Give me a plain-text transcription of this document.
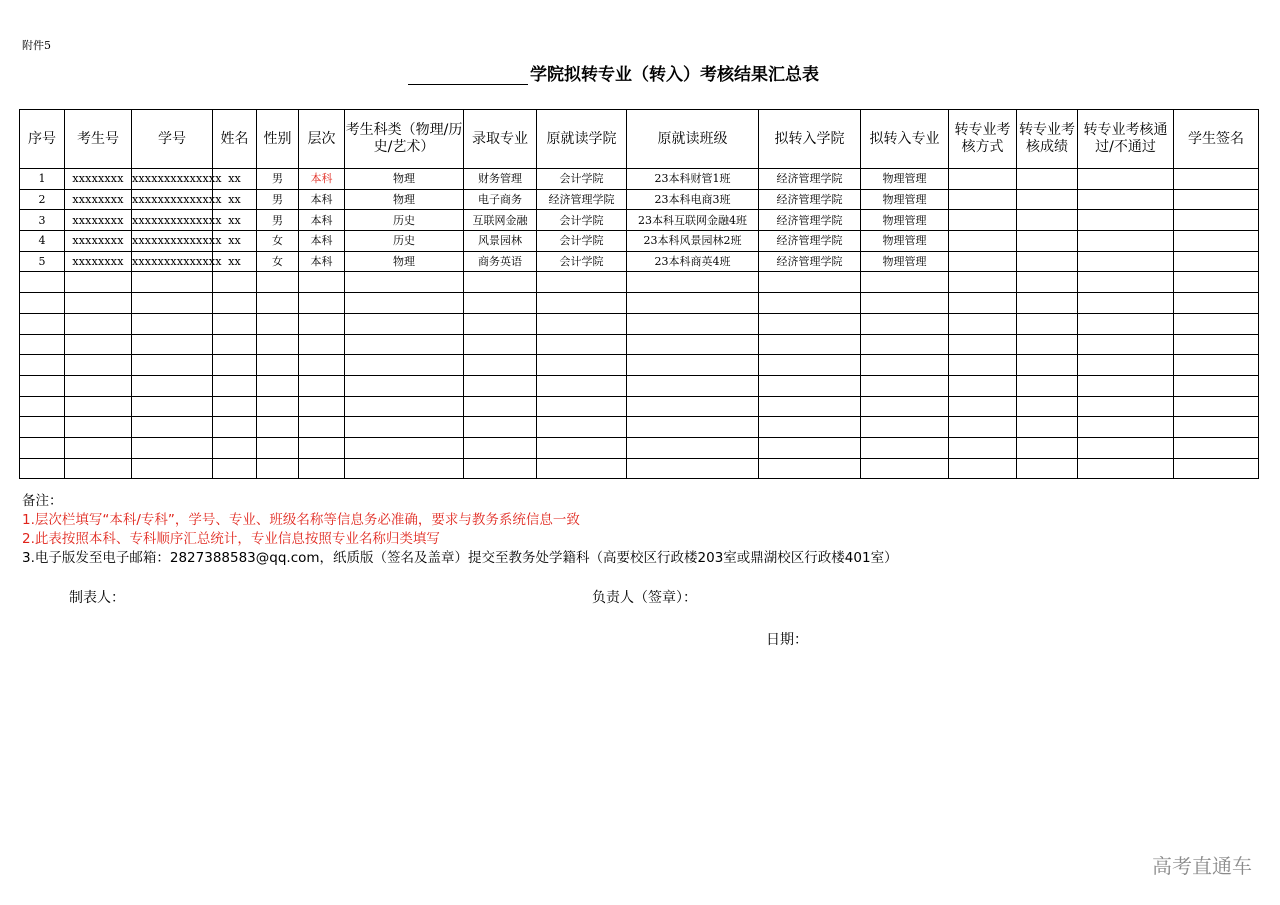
附件5
学院拟转专业（转入）考核结果汇总表
序号	考生号	学号	姓名	性别	层次	考生科类（物理/历史/艺术）	录取专业	原就读学院	原就读班级	拟转入学院	拟转入专业	转专业考核方式	转专业考核成绩	转专业考核通过/不通过	学生签名
1	xxxxxxxx	xxxxxxxxxxxxxx	xx	男	本科	物理	财务管理	会计学院	23本科财管1班	经济管理学院	物理管理				
2	xxxxxxxx	xxxxxxxxxxxxxx	xx	男	本科	物理	电子商务	经济管理学院	23本科电商3班	经济管理学院	物理管理				
3	xxxxxxxx	xxxxxxxxxxxxxx	xx	男	本科	历史	互联网金融	会计学院	23本科互联网金融4班	经济管理学院	物理管理				
4	xxxxxxxx	xxxxxxxxxxxxxx	xx	女	本科	历史	风景园林	会计学院	23本科风景园林2班	经济管理学院	物理管理				
5	xxxxxxxx	xxxxxxxxxxxxxx	xx	女	本科	物理	商务英语	会计学院	23本科商英4班	经济管理学院	物理管理				

备注：
1.层次栏填写“本科/专科”，学号、专业、班级名称等信息务必准确，要求与教务系统信息一致
2.此表按照本科、专科顺序汇总统计，专业信息按照专业名称归类填写
3.电子版发至电子邮箱：2827388583@qq.com，纸质版（签名及盖章）提交至教务处学籍科（高要校区行政楼203室或鼎湖校区行政楼401室）
制表人：	负责人（签章）：
日期：
高考直通车
